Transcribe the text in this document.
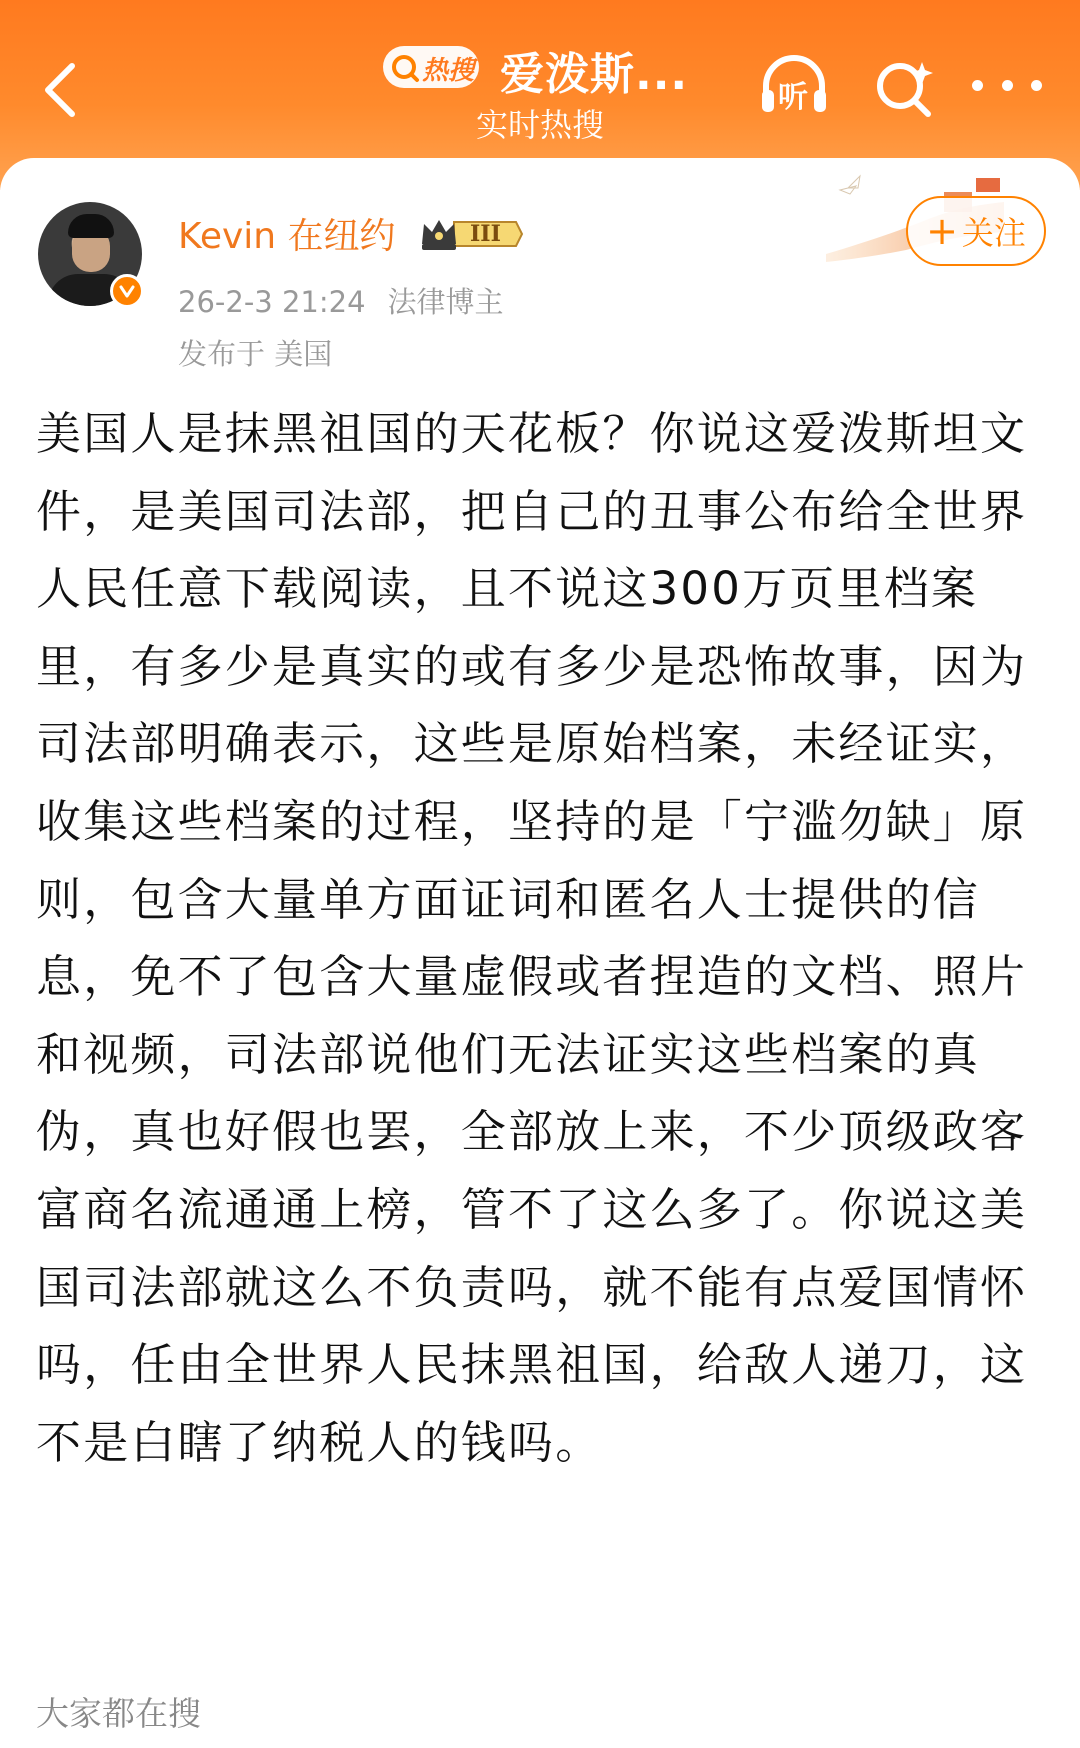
热搜 爱泼斯...
实时热搜
听
Kevin 在纽约	III
26-2-3 21:24 法律博主
发布于 美国
+ 关注
美国人是抹黑祖国的天花板？你说这爱泼斯坦文件，是美国司法部，把自己的丑事公布给全世界人民任意下载阅读，且不说这300万页里档案里，有多少是真实的或有多少是恐怖故事，因为司法部明确表示，这些是原始档案，未经证实，收集这些档案的过程，坚持的是「宁滥勿缺」原则，包含大量单方面证词和匿名人士提供的信息，免不了包含大量虚假或者捏造的文档、照片和视频，司法部说他们无法证实这些档案的真伪，真也好假也罢，全部放上来，不少顶级政客富商名流通通上榜，管不了这么多了。你说这美国司法部就这么不负责吗，就不能有点爱国情怀吗，任由全世界人民抹黑祖国，给敌人递刀，这不是白瞎了纳税人的钱吗。
大家都在搜
